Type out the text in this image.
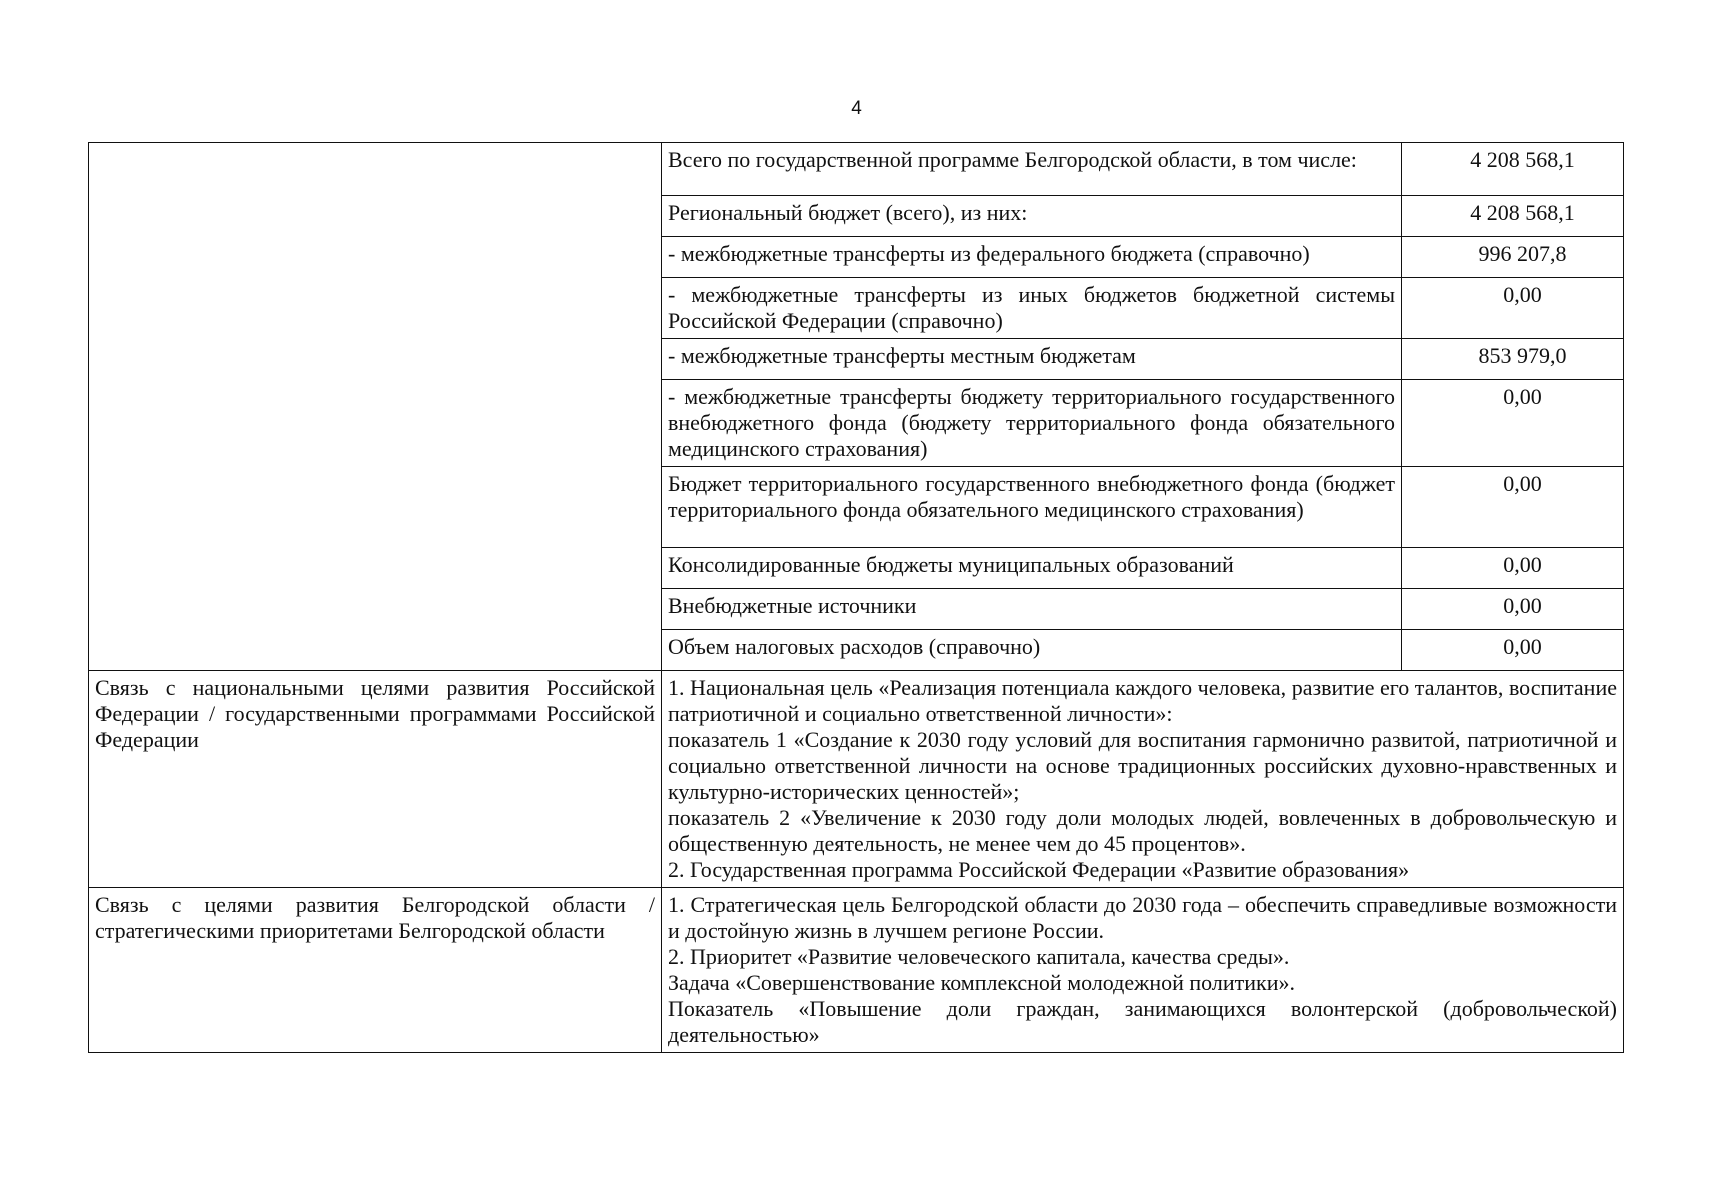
4
	Всего по государственной программе Белгородской области, в том числе:	4 208 568,1
	Региональный бюджет (всего), из них:	4 208 568,1
	- межбюджетные трансферты из федерального бюджета (справочно)	996 207,8
	- межбюджетные трансферты из иных бюджетов бюджетной системы Российской Федерации (справочно)	0,00
	- межбюджетные трансферты местным бюджетам	853 979,0
	- межбюджетные трансферты бюджету территориального государственного внебюджетного фонда (бюджету территориального фонда обязательного медицинского страхования)	0,00
	Бюджет территориального государственного внебюджетного фонда (бюджет территориального фонда обязательного медицинского страхования)	0,00
	Консолидированные бюджеты муниципальных образований	0,00
	Внебюджетные источники	0,00
	Объем налоговых расходов (справочно)	0,00
Связь с национальными целями развития Российской Федерации / государственными программами Российской Федерации	1. Национальная цель «Реализация потенциала каждого человека, развитие его талантов, воспитание патриотичной и социально ответственной личности»:
показатель 1 «Создание к 2030 году условий для воспитания гармонично развитой, патриотичной и социально ответственной личности на основе традиционных российских духовно-нравственных и культурно-исторических ценностей»;
показатель 2 «Увеличение к 2030 году доли молодых людей, вовлеченных в добровольческую и общественную деятельность, не менее чем до 45 процентов».
2. Государственная программа Российской Федерации «Развитие образования»	

Связь с целями развития Белгородской области / стратегическими приоритетами Белгородской области	1. Стратегическая цель Белгородской области до 2030 года – обеспечить справедливые возможности и достойную жизнь в лучшем регионе России.
2. Приоритет «Развитие человеческого капитала, качества среды».
Задача «Совершенствование комплексной молодежной политики».
Показатель «Повышение доли граждан, занимающихся волонтерской (добровольческой) деятельностью»	
